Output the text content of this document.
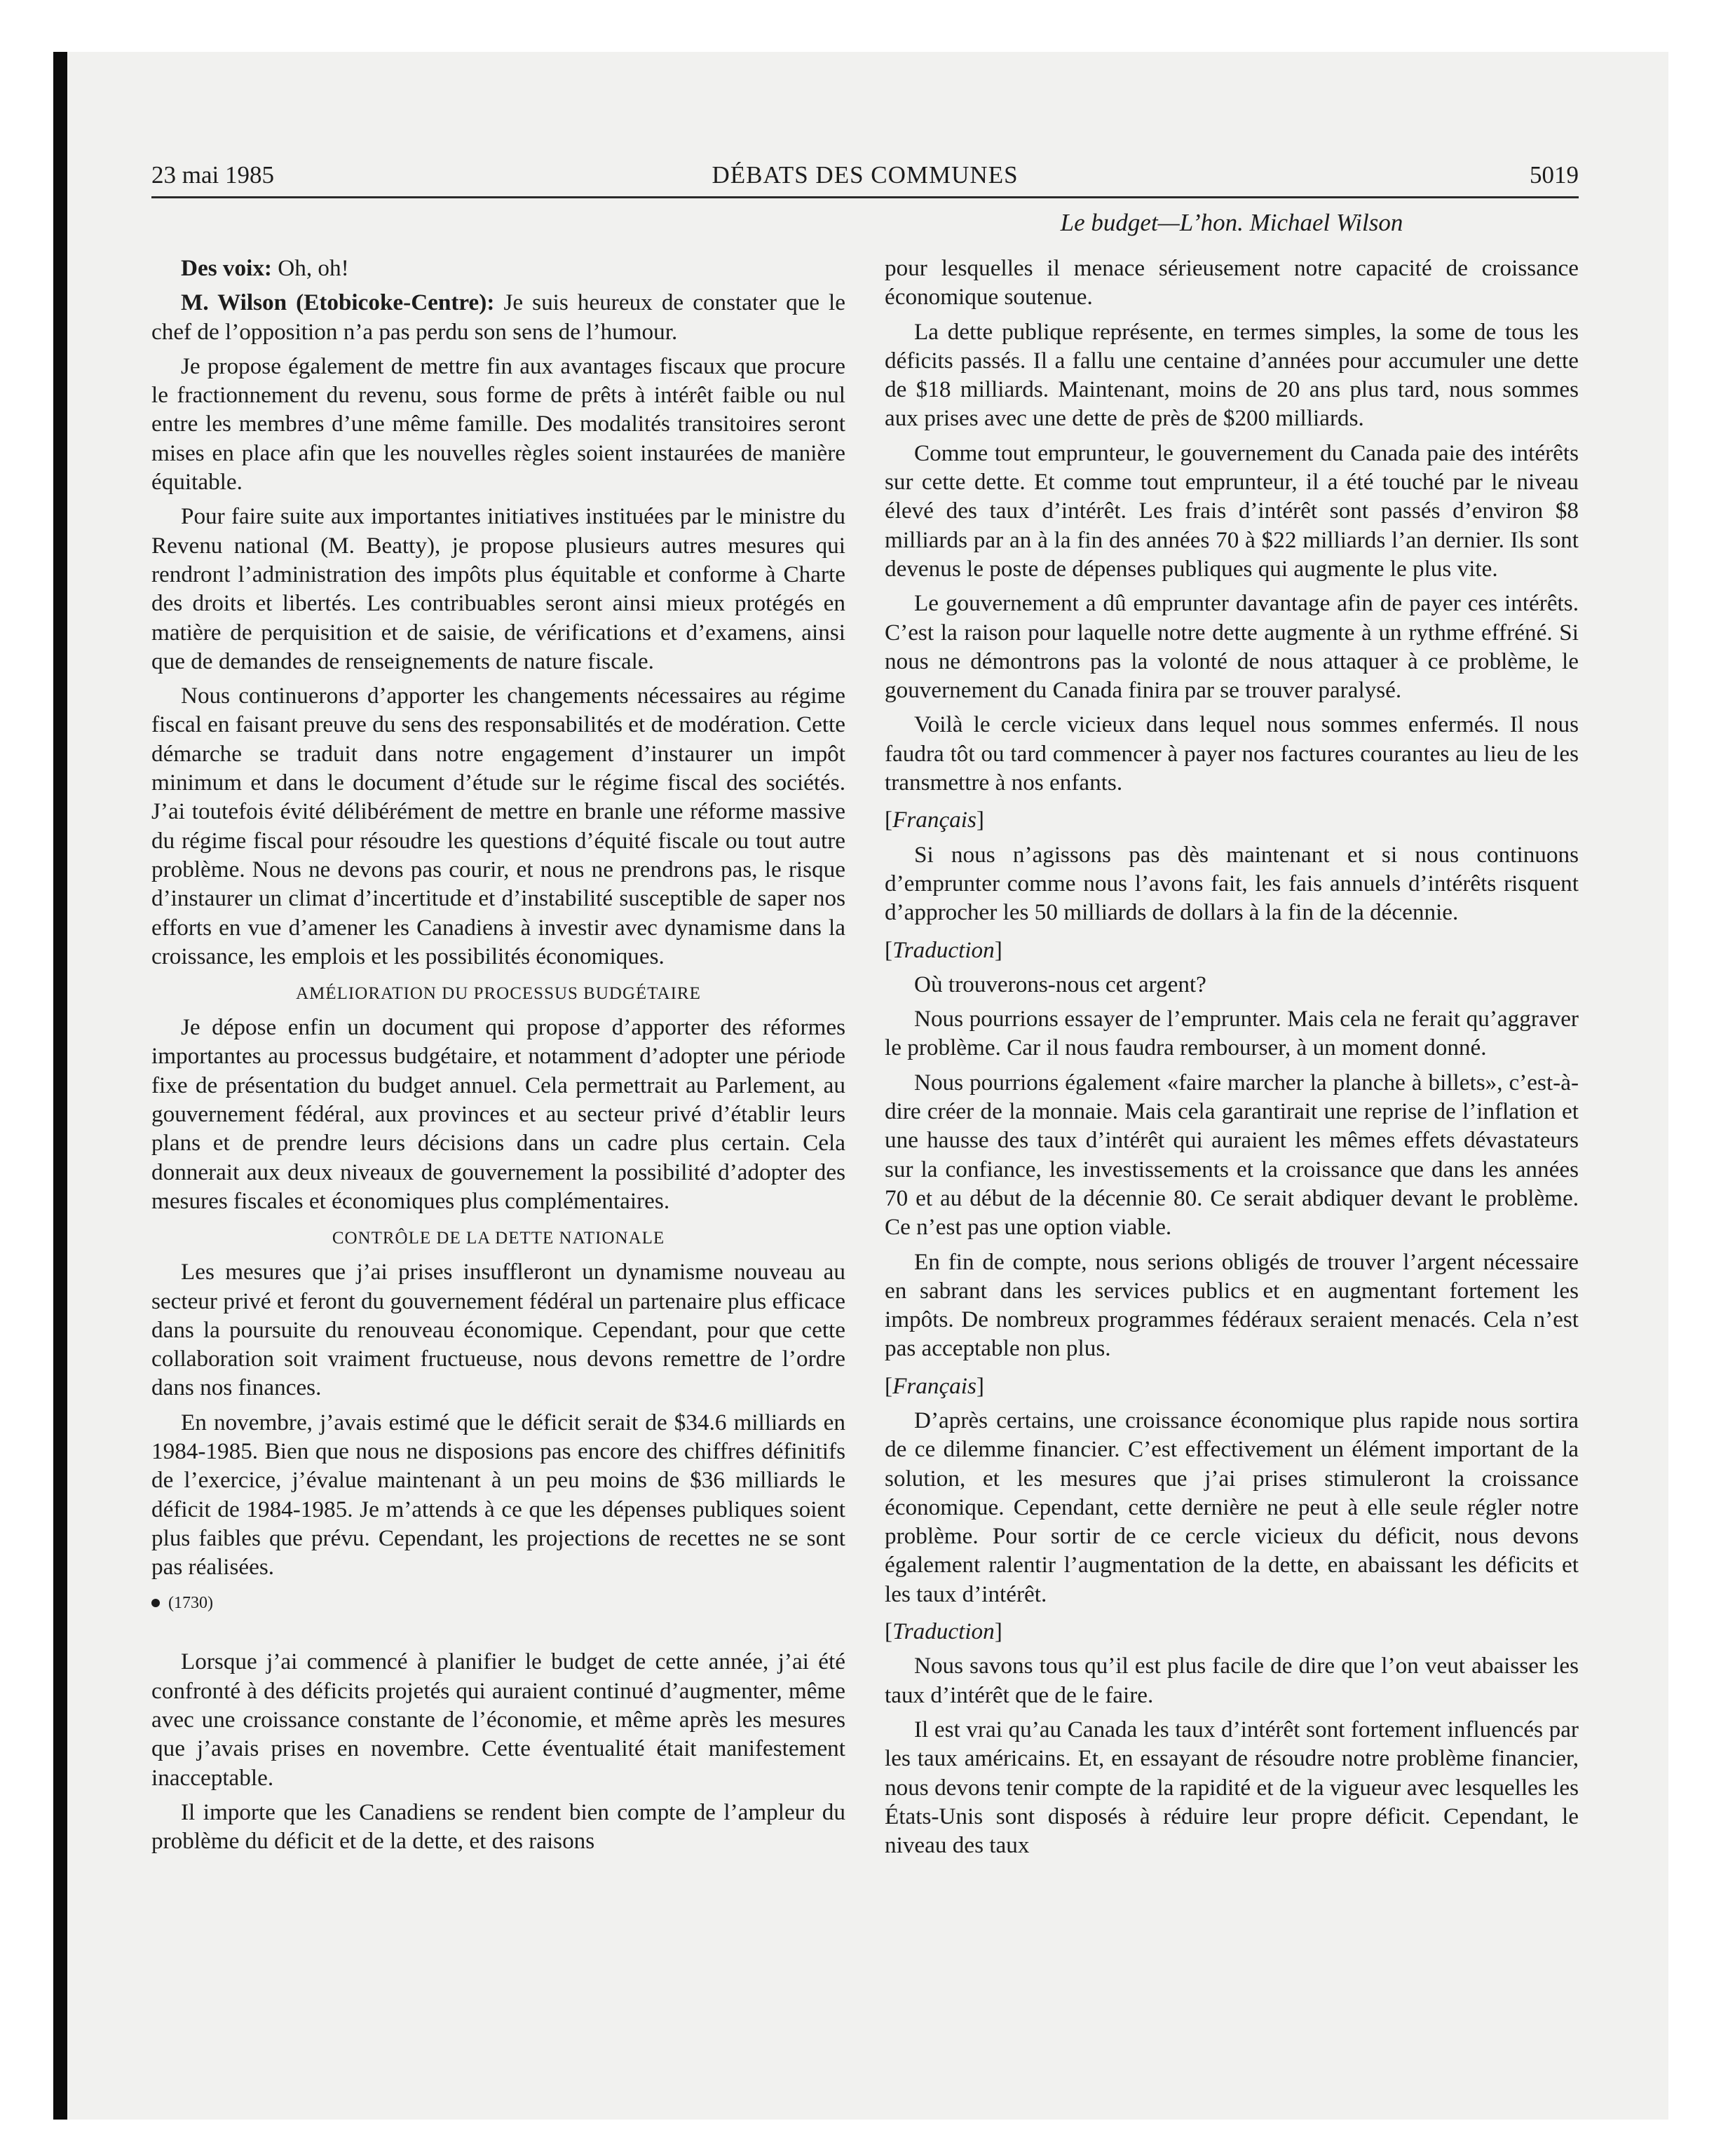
23 mai 1985	DÉBATS DES COMMUNES	5019
Le budget—L’hon. Michael Wilson

Des voix: Oh, oh!

M. Wilson (Etobicoke-Centre): Je suis heureux de constater que le chef de l’opposition n’a pas perdu son sens de l’humour.

Je propose également de mettre fin aux avantages fiscaux que procure le fractionnement du revenu, sous forme de prêts à intérêt faible ou nul entre les membres d’une même famille. Des modalités transitoires seront mises en place afin que les nouvelles règles soient instaurées de manière équitable.

Pour faire suite aux importantes initiatives instituées par le ministre du Revenu national (M. Beatty), je propose plusieurs autres mesures qui rendront l’administration des impôts plus équitable et conforme à Charte des droits et libertés. Les contribuables seront ainsi mieux protégés en matière de perquisition et de saisie, de vérifications et d’examens, ainsi que de demandes de renseignements de nature fiscale.

Nous continuerons d’apporter les changements nécessaires au régime fiscal en faisant preuve du sens des responsabilités et de modération. Cette démarche se traduit dans notre engagement d’instaurer un impôt minimum et dans le document d’étude sur le régime fiscal des sociétés. J’ai toutefois évité délibérément de mettre en branle une réforme massive du régime fiscal pour résoudre les questions d’équité fiscale ou tout autre problème. Nous ne devons pas courir, et nous ne prendrons pas, le risque d’instaurer un climat d’incertitude et d’instabilité susceptible de saper nos efforts en vue d’amener les Canadiens à investir avec dynamisme dans la croissance, les emplois et les possibilités économiques.

AMÉLIORATION DU PROCESSUS BUDGÉTAIRE

Je dépose enfin un document qui propose d’apporter des réformes importantes au processus budgétaire, et notamment d’adopter une période fixe de présentation du budget annuel. Cela permettrait au Parlement, au gouvernement fédéral, aux provinces et au secteur privé d’établir leurs plans et de prendre leurs décisions dans un cadre plus certain. Cela donnerait aux deux niveaux de gouvernement la possibilité d’adopter des mesures fiscales et économiques plus complémentaires.

CONTRÔLE DE LA DETTE NATIONALE

Les mesures que j’ai prises insuffleront un dynamisme nouveau au secteur privé et feront du gouvernement fédéral un partenaire plus efficace dans la poursuite du renouveau économique. Cependant, pour que cette collaboration soit vraiment fructueuse, nous devons remettre de l’ordre dans nos finances.

En novembre, j’avais estimé que le déficit serait de $34.6 milliards en 1984-1985. Bien que nous ne disposions pas encore des chiffres définitifs de l’exercice, j’évalue maintenant à un peu moins de $36 milliards le déficit de 1984-1985. Je m’attends à ce que les dépenses publiques soient plus faibles que prévu. Cependant, les projections de recettes ne se sont pas réalisées.

(1730)

Lorsque j’ai commencé à planifier le budget de cette année, j’ai été confronté à des déficits projetés qui auraient continué d’augmenter, même avec une croissance constante de l’économie, et même après les mesures que j’avais prises en novembre. Cette éventualité était manifestement inacceptable.

Il importe que les Canadiens se rendent bien compte de l’ampleur du problème du déficit et de la dette, et des raisons

pour lesquelles il menace sérieusement notre capacité de croissance économique soutenue.

La dette publique représente, en termes simples, la some de tous les déficits passés. Il a fallu une centaine d’années pour accumuler une dette de $18 milliards. Maintenant, moins de 20 ans plus tard, nous sommes aux prises avec une dette de près de $200 milliards.

Comme tout emprunteur, le gouvernement du Canada paie des intérêts sur cette dette. Et comme tout emprunteur, il a été touché par le niveau élevé des taux d’intérêt. Les frais d’intérêt sont passés d’environ $8 milliards par an à la fin des années 70 à $22 milliards l’an dernier. Ils sont devenus le poste de dépenses publiques qui augmente le plus vite.

Le gouvernement a dû emprunter davantage afin de payer ces intérêts. C’est la raison pour laquelle notre dette augmente à un rythme effréné. Si nous ne démontrons pas la volonté de nous attaquer à ce problème, le gouvernement du Canada finira par se trouver paralysé.

Voilà le cercle vicieux dans lequel nous sommes enfermés. Il nous faudra tôt ou tard commencer à payer nos factures courantes au lieu de les transmettre à nos enfants.

[Français]

Si nous n’agissons pas dès maintenant et si nous continuons d’emprunter comme nous l’avons fait, les fais annuels d’intérêts risquent d’approcher les 50 milliards de dollars à la fin de la décennie.

[Traduction]

Où trouverons-nous cet argent?

Nous pourrions essayer de l’emprunter. Mais cela ne ferait qu’aggraver le problème. Car il nous faudra rembourser, à un moment donné.

Nous pourrions également «faire marcher la planche à billets», c’est-à-dire créer de la monnaie. Mais cela garantirait une reprise de l’inflation et une hausse des taux d’intérêt qui auraient les mêmes effets dévastateurs sur la confiance, les investissements et la croissance que dans les années 70 et au début de la décennie 80. Ce serait abdiquer devant le problème. Ce n’est pas une option viable.

En fin de compte, nous serions obligés de trouver l’argent nécessaire en sabrant dans les services publics et en augmentant fortement les impôts. De nombreux programmes fédéraux seraient menacés. Cela n’est pas acceptable non plus.

[Français]

D’après certains, une croissance économique plus rapide nous sortira de ce dilemme financier. C’est effectivement un élément important de la solution, et les mesures que j’ai prises stimuleront la croissance économique. Cependant, cette dernière ne peut à elle seule régler notre problème. Pour sortir de ce cercle vicieux du déficit, nous devons également ralentir l’augmentation de la dette, en abaissant les déficits et les taux d’intérêt.

[Traduction]

Nous savons tous qu’il est plus facile de dire que l’on veut abaisser les taux d’intérêt que de le faire.

Il est vrai qu’au Canada les taux d’intérêt sont fortement influencés par les taux américains. Et, en essayant de résoudre notre problème financier, nous devons tenir compte de la rapidité et de la vigueur avec lesquelles les États-Unis sont disposés à réduire leur propre déficit. Cependant, le niveau des taux
